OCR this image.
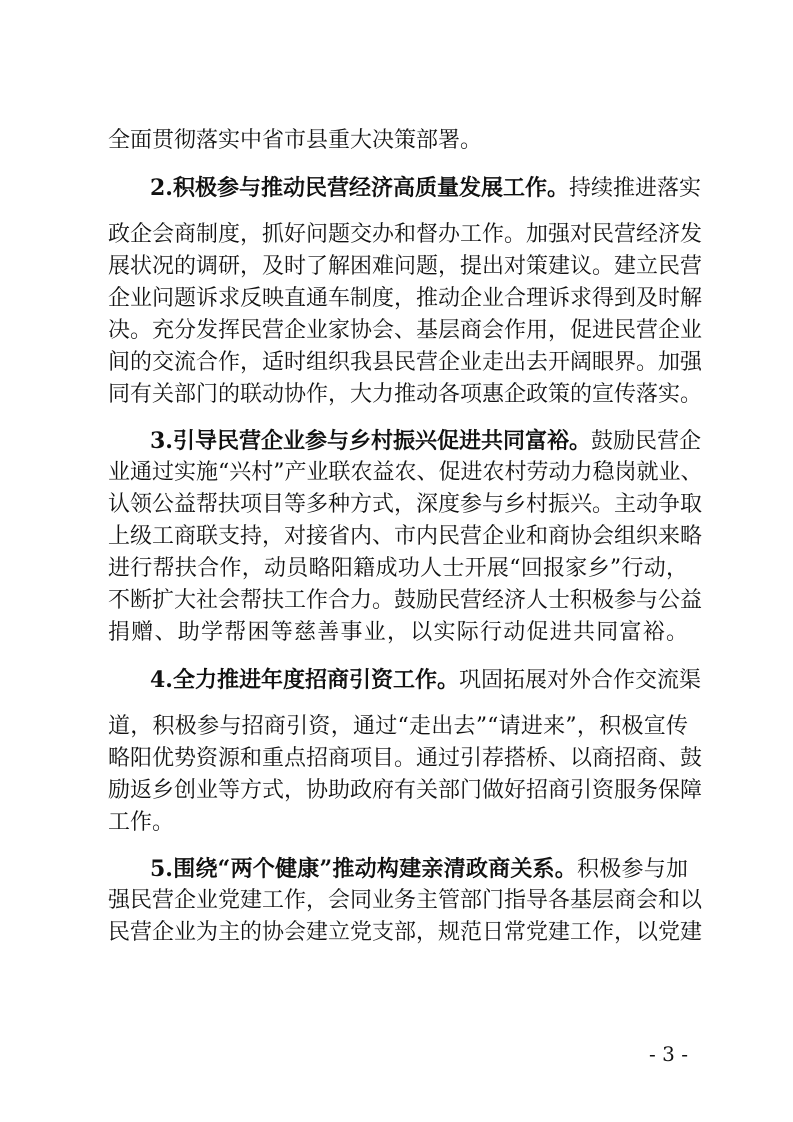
全面贯彻落实中省市县重大决策部署。
2.积极参与推动民营经济高质量发展工作。持续推进落实
政企会商制度，抓好问题交办和督办工作。加强对民营经济发
展状况的调研，及时了解困难问题，提出对策建议。建立民营
企业问题诉求反映直通车制度，推动企业合理诉求得到及时解
决。充分发挥民营企业家协会、基层商会作用，促进民营企业
间的交流合作，适时组织我县民营企业走出去开阔眼界。加强
同有关部门的联动协作，大力推动各项惠企政策的宣传落实。
3.引导民营企业参与乡村振兴促进共同富裕。鼓励民营企
业通过实施“兴村”产业联农益农、促进农村劳动力稳岗就业、
认领公益帮扶项目等多种方式，深度参与乡村振兴。主动争取
上级工商联支持，对接省内、市内民营企业和商协会组织来略
进行帮扶合作，动员略阳籍成功人士开展“回报家乡”行动，
不断扩大社会帮扶工作合力。鼓励民营经济人士积极参与公益
捐赠、助学帮困等慈善事业，以实际行动促进共同富裕。
4.全力推进年度招商引资工作。巩固拓展对外合作交流渠
道，积极参与招商引资，通过“走出去”“请进来”，积极宣传
略阳优势资源和重点招商项目。通过引荐搭桥、以商招商、鼓
励返乡创业等方式，协助政府有关部门做好招商引资服务保障
工作。
5.围绕“两个健康”推动构建亲清政商关系。积极参与加
强民营企业党建工作，会同业务主管部门指导各基层商会和以
民营企业为主的协会建立党支部，规范日常党建工作，以党建
- 3 -
